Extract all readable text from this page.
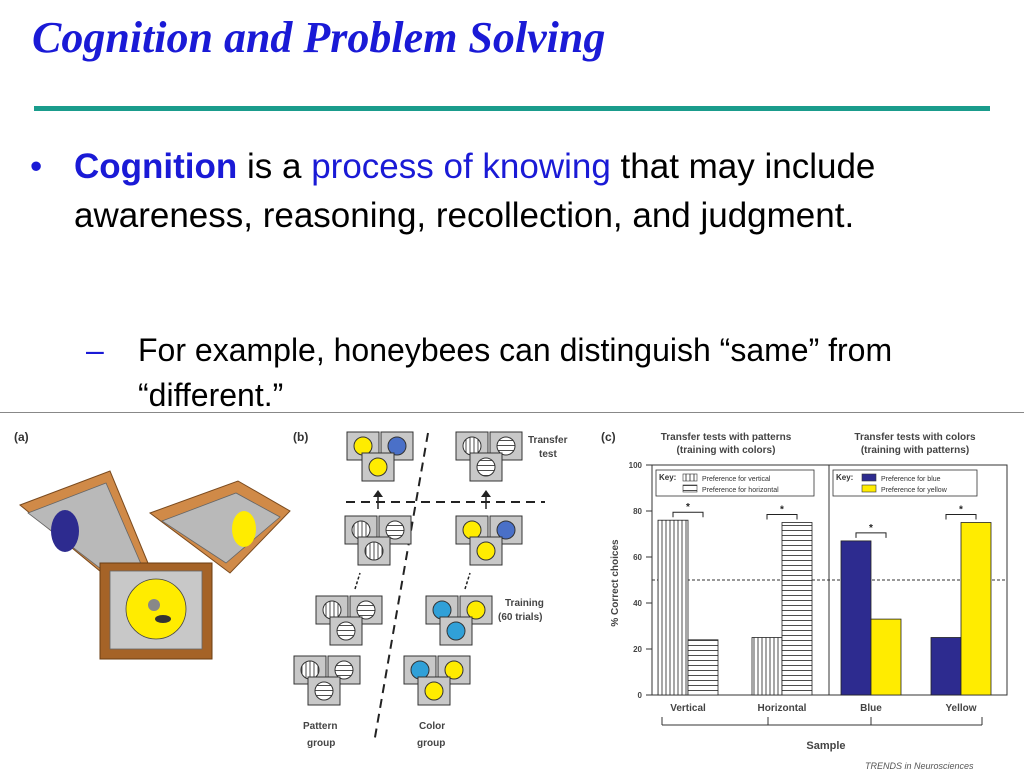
Cognition and Problem Solving
• Cognition is a process of knowing that may include awareness, reasoning, recollection, and judgment.
– For example, honeybees can distinguish “same” from “different.”
(a)	(b)	Transfer
test
Training
(60 trials)
Pattern
group
Color
group
(c)	Transfer tests with patterns
(training with colors)
Transfer tests with colors
(training with patterns)
% Correct choices
0
20
40
60
80
100
Key:	Preference for vertical
Preference for horizontal
Key:	Preference for blue
Preference for yellow
*	*
*
*
Vertical	Horizontal	Blue	Yellow
Sample
TRENDS in Neurosciences
